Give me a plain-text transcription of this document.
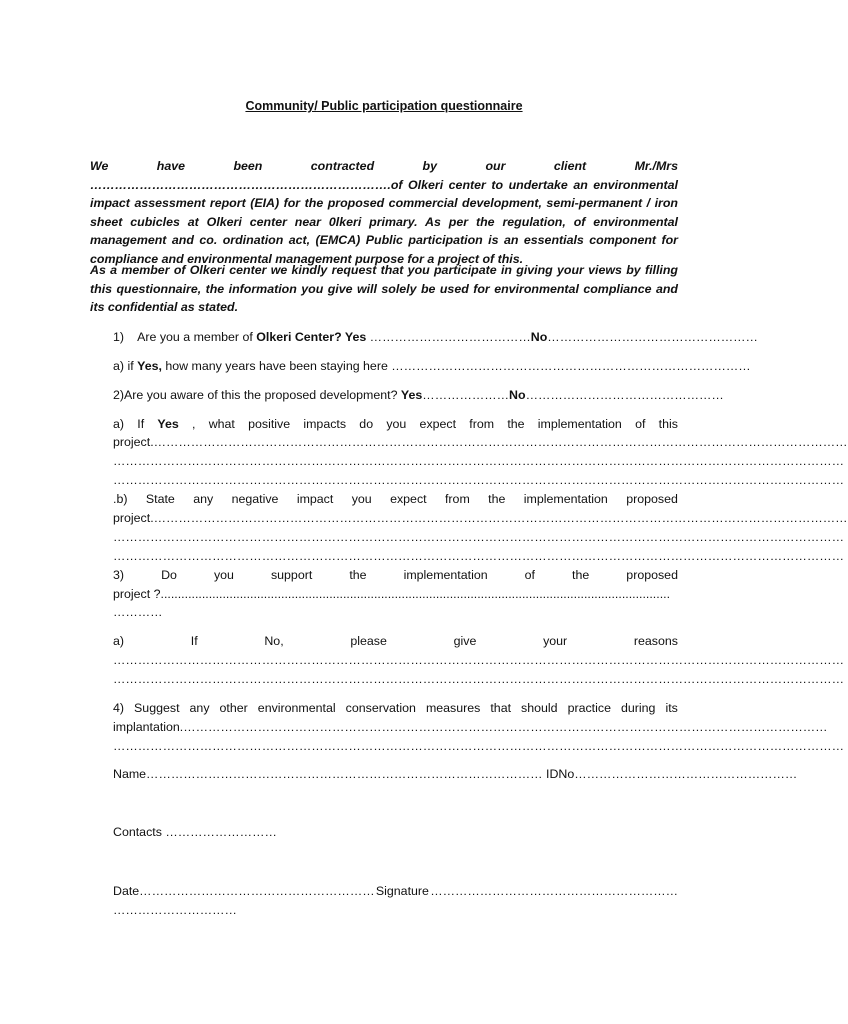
Community/ Public participation questionnaire

We have been contracted by our client Mr./Mrs ……………………………………………………………….of Olkeri center to undertake an environmental impact assessment report (EIA) for the proposed commercial development, semi-permanent / iron sheet cubicles at Olkeri center near 0lkeri primary. As per the regulation, of environmental management and co. ordination act, (EMCA) Public participation is an essentials component for compliance and environmental management purpose for a project of this.

As a member of Olkeri center we kindly request that you participate in giving your views by filling this questionnaire, the information you give will solely be used for environmental compliance and its confidential as stated.

1) Are you a member of Olkeri Center? Yes …………………………………No……………………………………………
a) if Yes, how many years have been staying here ……………………………………………………………………………
2)Are you aware of this the proposed development? Yes…………………No…………………………………………
a) If Yes , what positive impacts do you expect from the implementation of this
project.……………………………………………………………………………………………………………………………………………………
……………………………………………………………………………………………………………………………………………………………
……………………………………………………………………………………………………………………………………………………………
.b) State any negative impact you expect from the implementation proposed
project.……………………………………………………………………………………………………………………………………………………
……………………………………………………………………………………………………………………………………………………………
……………………………………………………………………………………………………………………………………………………………
3)	Do	you	support	the	implementation	of	the	proposed
project ?....................................................................................................................................................
…………
a)	If	No,	please	give	your	reasons
……………………………………………………………………………………………………………………………………………………………
……………………………………………………………………………………………………………………………………………………………
4) Suggest any other environmental conservation measures that should practice during its
implantation.…………………………………………………………………………………………………………………………………………
……………………………………………………………………………………………………………………………………………………………
Name…………………………………………………………………………………… IDNo………………………………………………
Contacts ………………………
Date………………………………………………… Signature ……………………………………………………
…………………………
